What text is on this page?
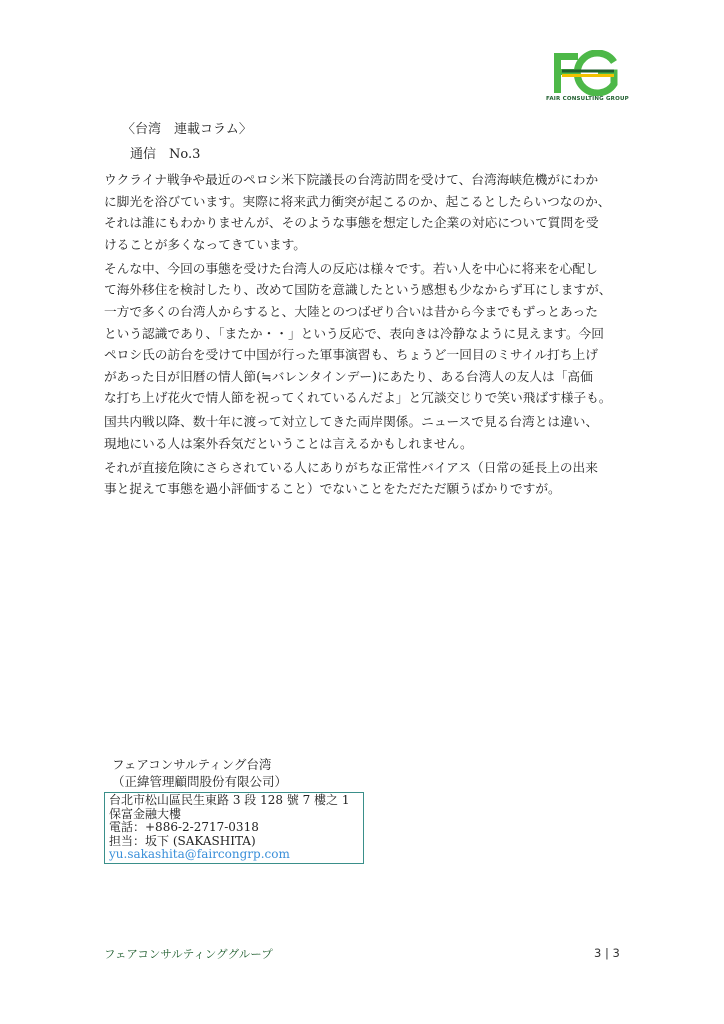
FAIR CONSULTING GROUP
〈台湾　連載コラム〉
通信　No.3

ウクライナ戦争や最近のペロシ米下院議長の台湾訪問を受けて、台湾海峡危機がにわか
に脚光を浴びています。実際に将来武力衝突が起こるのか、起こるとしたらいつなのか、
それは誰にもわかりませんが、そのような事態を想定した企業の対応について質問を受
けることが多くなってきています。

そんな中、今回の事態を受けた台湾人の反応は様々です。若い人を中心に将来を心配し
て海外移住を検討したり、改めて国防を意識したという感想も少なからず耳にしますが、
一方で多くの台湾人からすると、大陸とのつばぜり合いは昔から今までもずっとあった
という認識であり、「またか・・」という反応で、表向きは冷静なように見えます。今回
ペロシ氏の訪台を受けて中国が行った軍事演習も、ちょうど一回目のミサイル打ち上げ
があった日が旧暦の情人節(≒バレンタインデー)にあたり、ある台湾人の友人は「高価
な打ち上げ花火で情人節を祝ってくれているんだよ」と冗談交じりで笑い飛ばす様子も。

国共内戦以降、数十年に渡って対立してきた両岸関係。ニュースで見る台湾とは違い、
現地にいる人は案外呑気だということは言えるかもしれません。

それが直接危険にさらされている人にありがちな正常性バイアス（日常の延長上の出来
事と捉えて事態を過小評価すること）でないことをただただ願うばかりですが。

フェアコンサルティング台湾
（正緯管理顧問股份有限公司）
台北市松山區民生東路 3 段 128 號 7 樓之 1
保富金融大樓
電話：+886-2-2717-0318
担当：坂下 (SAKASHITA)
yu.sakashita@faircongrp.com
フェアコンサルティンググループ	3 | 3
